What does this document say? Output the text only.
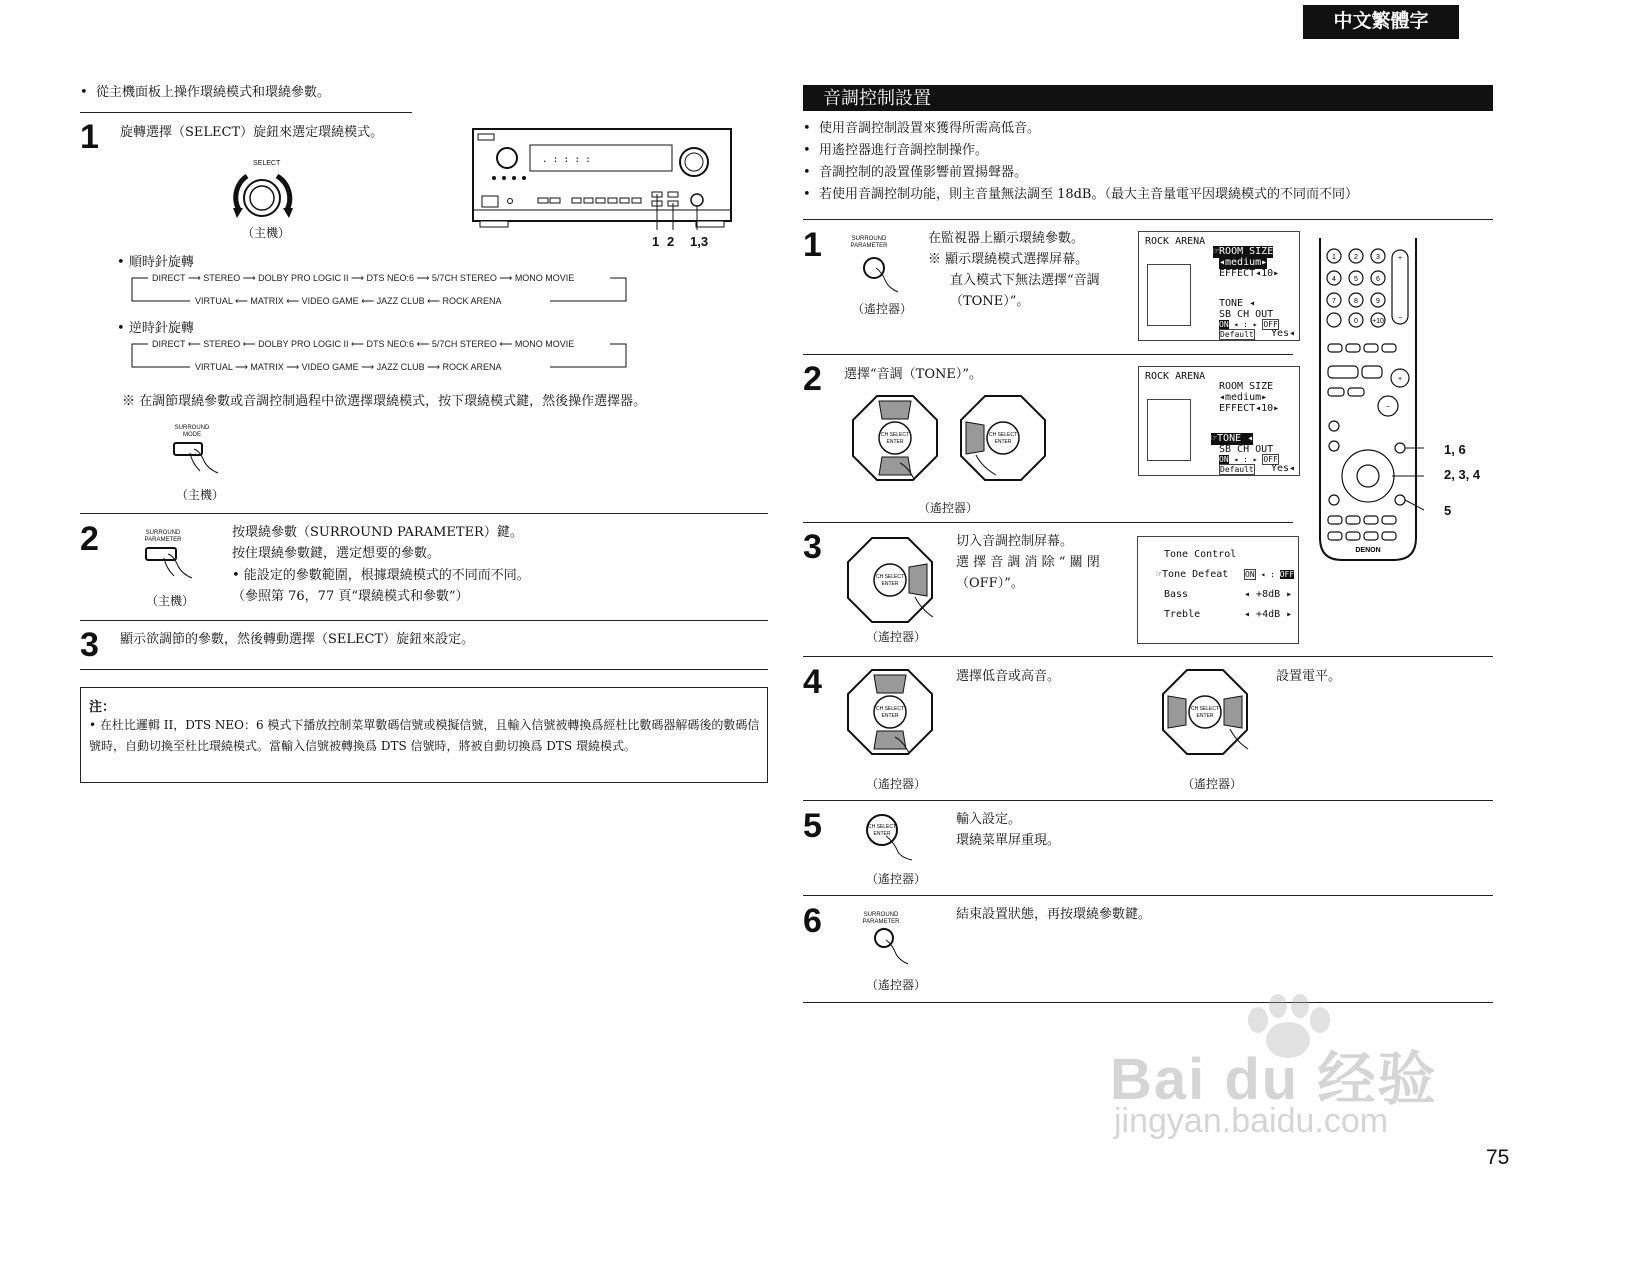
中文繁體字
•  從主機面板上操作環繞模式和環繞參數。
1 旋轉選擇（SELECT）旋鈕來選定環繞模式。
SELECT
（主機）
. : : : :
1 2 1,3
• 順時針旋轉
DIRECT ⟶ STEREO ⟶ DOLBY PRO LOGIC II ⟶ DTS NEO:6 ⟶ 5/7CH STEREO ⟶ MONO MOVIE
VIRTUAL ⟵ MATRIX ⟵ VIDEO GAME ⟵ JAZZ CLUB ⟵ ROCK ARENA
• 逆時針旋轉
DIRECT ⟵ STEREO ⟵ DOLBY PRO LOGIC II ⟵ DTS NEO:6 ⟵ 5/7CH STEREO ⟵ MONO MOVIE
VIRTUAL ⟶ MATRIX ⟶ VIDEO GAME ⟶ JAZZ CLUB ⟶ ROCK ARENA
※ 在調節環繞參數或音調控制過程中欲選擇環繞模式，按下環繞模式鍵，然後操作選擇器。
SURROUND
MODE
（主機）
2	SURROUND
PARAMETER
（主機）
按環繞參數（SURROUND PARAMETER）鍵。
按住環繞參數鍵，選定想要的參數。
• 能設定的參數範圍，根據環繞模式的不同而不同。
（參照第 76，77 頁“環繞模式和參數”）
3 顯示欲調節的參數，然後轉動選擇（SELECT）旋鈕來設定。
注：
• 在杜比邏輯 II，DTS NEO：6 模式下播放控制菜單數碼信號或模擬信號，且輸入信號被轉換爲經杜比數碼器解碼後的數碼信號時，自動切換至杜比環繞模式。當輸入信號被轉換爲 DTS 信號時，將被自動切換爲 DTS 環繞模式。
音調控制設置
•  使用音調控制設置來獲得所需高低音。
•  用遙控器進行音調控制操作。
•  音調控制的設置僅影響前置揚聲器。
•  若使用音調控制功能，則主音量無法調至 18dB。（最大主音量電平因環繞模式的不同而不同）
1	SURROUND
PARAMETER
（遙控器）
在監視器上顯示環繞參數。
※ 顯示環繞模式選擇屏幕。
直入模式下無法選擇“音調
（TONE）”。
ROCK ARENA
☞ROOM SIZE
◂medium▸
EFFECT◂10▸
TONE ◂
SB CH OUT
ON ◂ : ▸ OFF
Default Yes◂
2 選擇“音調（TONE）”。
CH SELECT
ENTER
CH SELECT
ENTER
（遙控器）
ROCK ARENA
ROOM SIZE
◂medium▸
EFFECT◂10▸
☞TONE ◂
SB CH OUT
ON ◂ : ▸ OFF
Default Yes◂
3
CH SELECT
ENTER
（遙控器）
切入音調控制屏幕。
選 擇 音 調 消 除 “ 關 閉
（OFF）”。
Tone Control
☞Tone Defeat ON ◂ : OFF
Bass	◂ +8dB ▸
Treble	◂ +4dB ▸
4
CH SELECT
ENTER
（遙控器）
選擇低音或高音。
CH SELECT
ENTER
（遙控器）
設置電平。
5	CH SELECT
ENTER
（遙控器）
輸入設定。
環繞菜單屏重現。
6	SURROUND
PARAMETER
（遙控器）
結束設置狀態，再按環繞參數鍵。
1	2	3
4	5	6
7	8	9
0 +10
+
−
+
−
DENON
1, 6
2, 3, 4
5
Bai du 经验
jingyan.baidu.com
75
